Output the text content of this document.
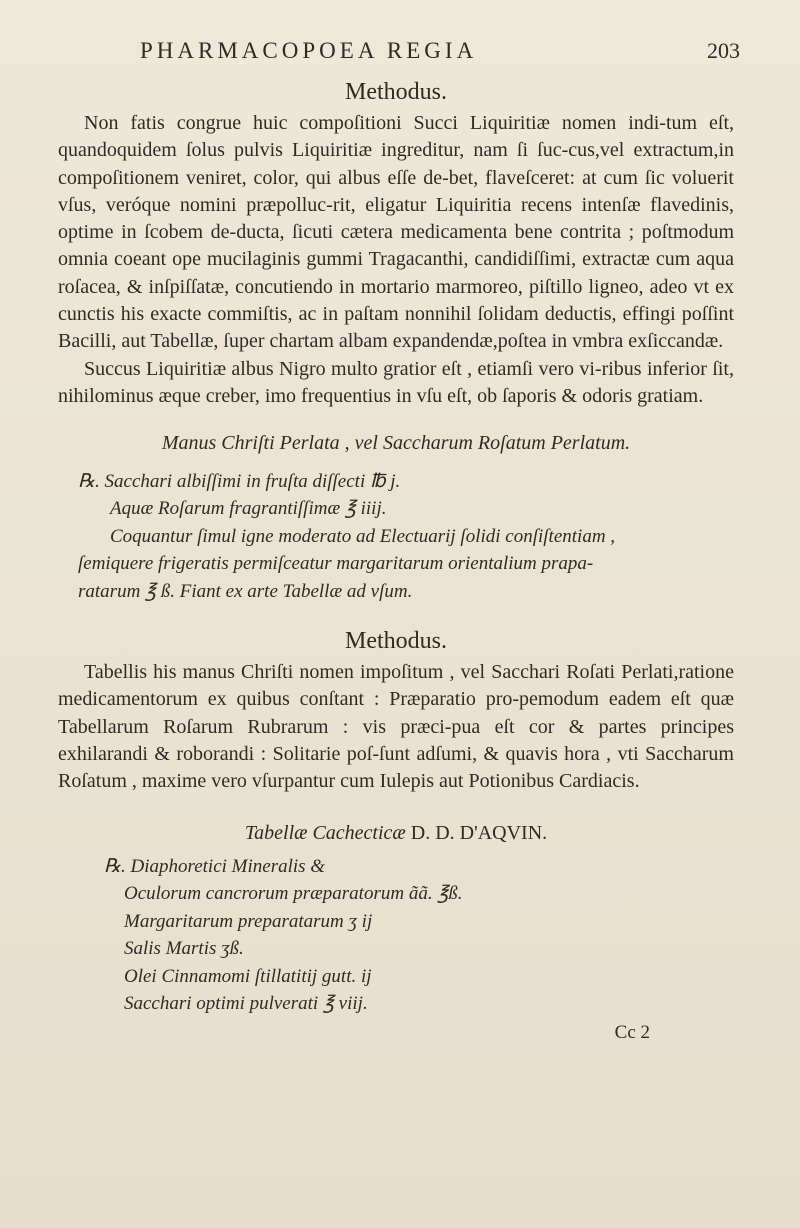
PHARMACOPOEA REGIA	203
Methodus.

Non fatis congrue huic compoſitioni Succi Liquiritiæ nomen indi-tum eſt, quandoquidem ſolus pulvis Liquiritiæ ingreditur, nam ſi ſuc-cus,vel extractum,in compoſitionem veniret, color, qui albus eſſe de-bet, flaveſceret: at cum ſic voluerit vſus, veróque nomini præpolluc-rit, eligatur Liquiritia recens intenſæ flavedinis, optime in ſcobem de-ducta, ſicuti cætera medicamenta bene contrita ; poſtmodum omnia coeant ope mucilaginis gummi Tragacanthi, candidiſſimi, extractæ cum aqua roſacea, & inſpiſſatæ, concutiendo in mortario marmoreo, piſtillo ligneo, adeo vt ex cunctis his exacte commiſtis, ac in paſtam nonnihil ſolidam deductis, effingi poſſint Bacilli, aut Tabellæ, ſuper chartam albam expandendæ,poſtea in vmbra exſiccandæ.

Succus Liquiritiæ albus Nigro multo gratior eſt , etiamſi vero vi-ribus inferior ſit, nihilominus æque creber, imo frequentius in vſu eſt, ob ſaporis & odoris gratiam.

Manus Chriſti Perlata , vel Saccharum Roſatum Perlatum.
℞. Sacchari albiſſimi in fruſta diſſecti ℔ j.
Aquæ Roſarum fragrantiſſimæ ℥ iiij.
Coquantur ſimul igne moderato ad Electuarij ſolidi conſiſtentiam ,
ſemiquere frigeratis permiſceatur margaritarum orientalium prapa-
ratarum ℥ ß. Fiant ex arte Tabellæ ad vſum.
Methodus.

Tabellis his manus Chriſti nomen impoſitum , vel Sacchari Roſati Perlati,ratione medicamentorum ex quibus conſtant : Præparatio pro-pemodum eadem eſt quæ Tabellarum Roſarum Rubrarum : vis præci-pua eſt cor & partes principes exhilarandi & roborandi : Solitarie poſ-ſunt adſumi, & quavis hora , vti Saccharum Roſatum , maxime vero vſurpantur cum Iulepis aut Potionibus Cardiacis.

Tabellæ Cachecticæ D. D. D'AQVIN.
℞. Diaphoretici Mineralis &
Oculorum cancrorum præparatorum ãã. ℥ß.
Margaritarum preparatarum ʒ ij
Salis Martis ʒß.
Olei Cinnamomi ſtillatitij gutt. ij
Sacchari optimi pulverati ℥ viij.
Cc 2
